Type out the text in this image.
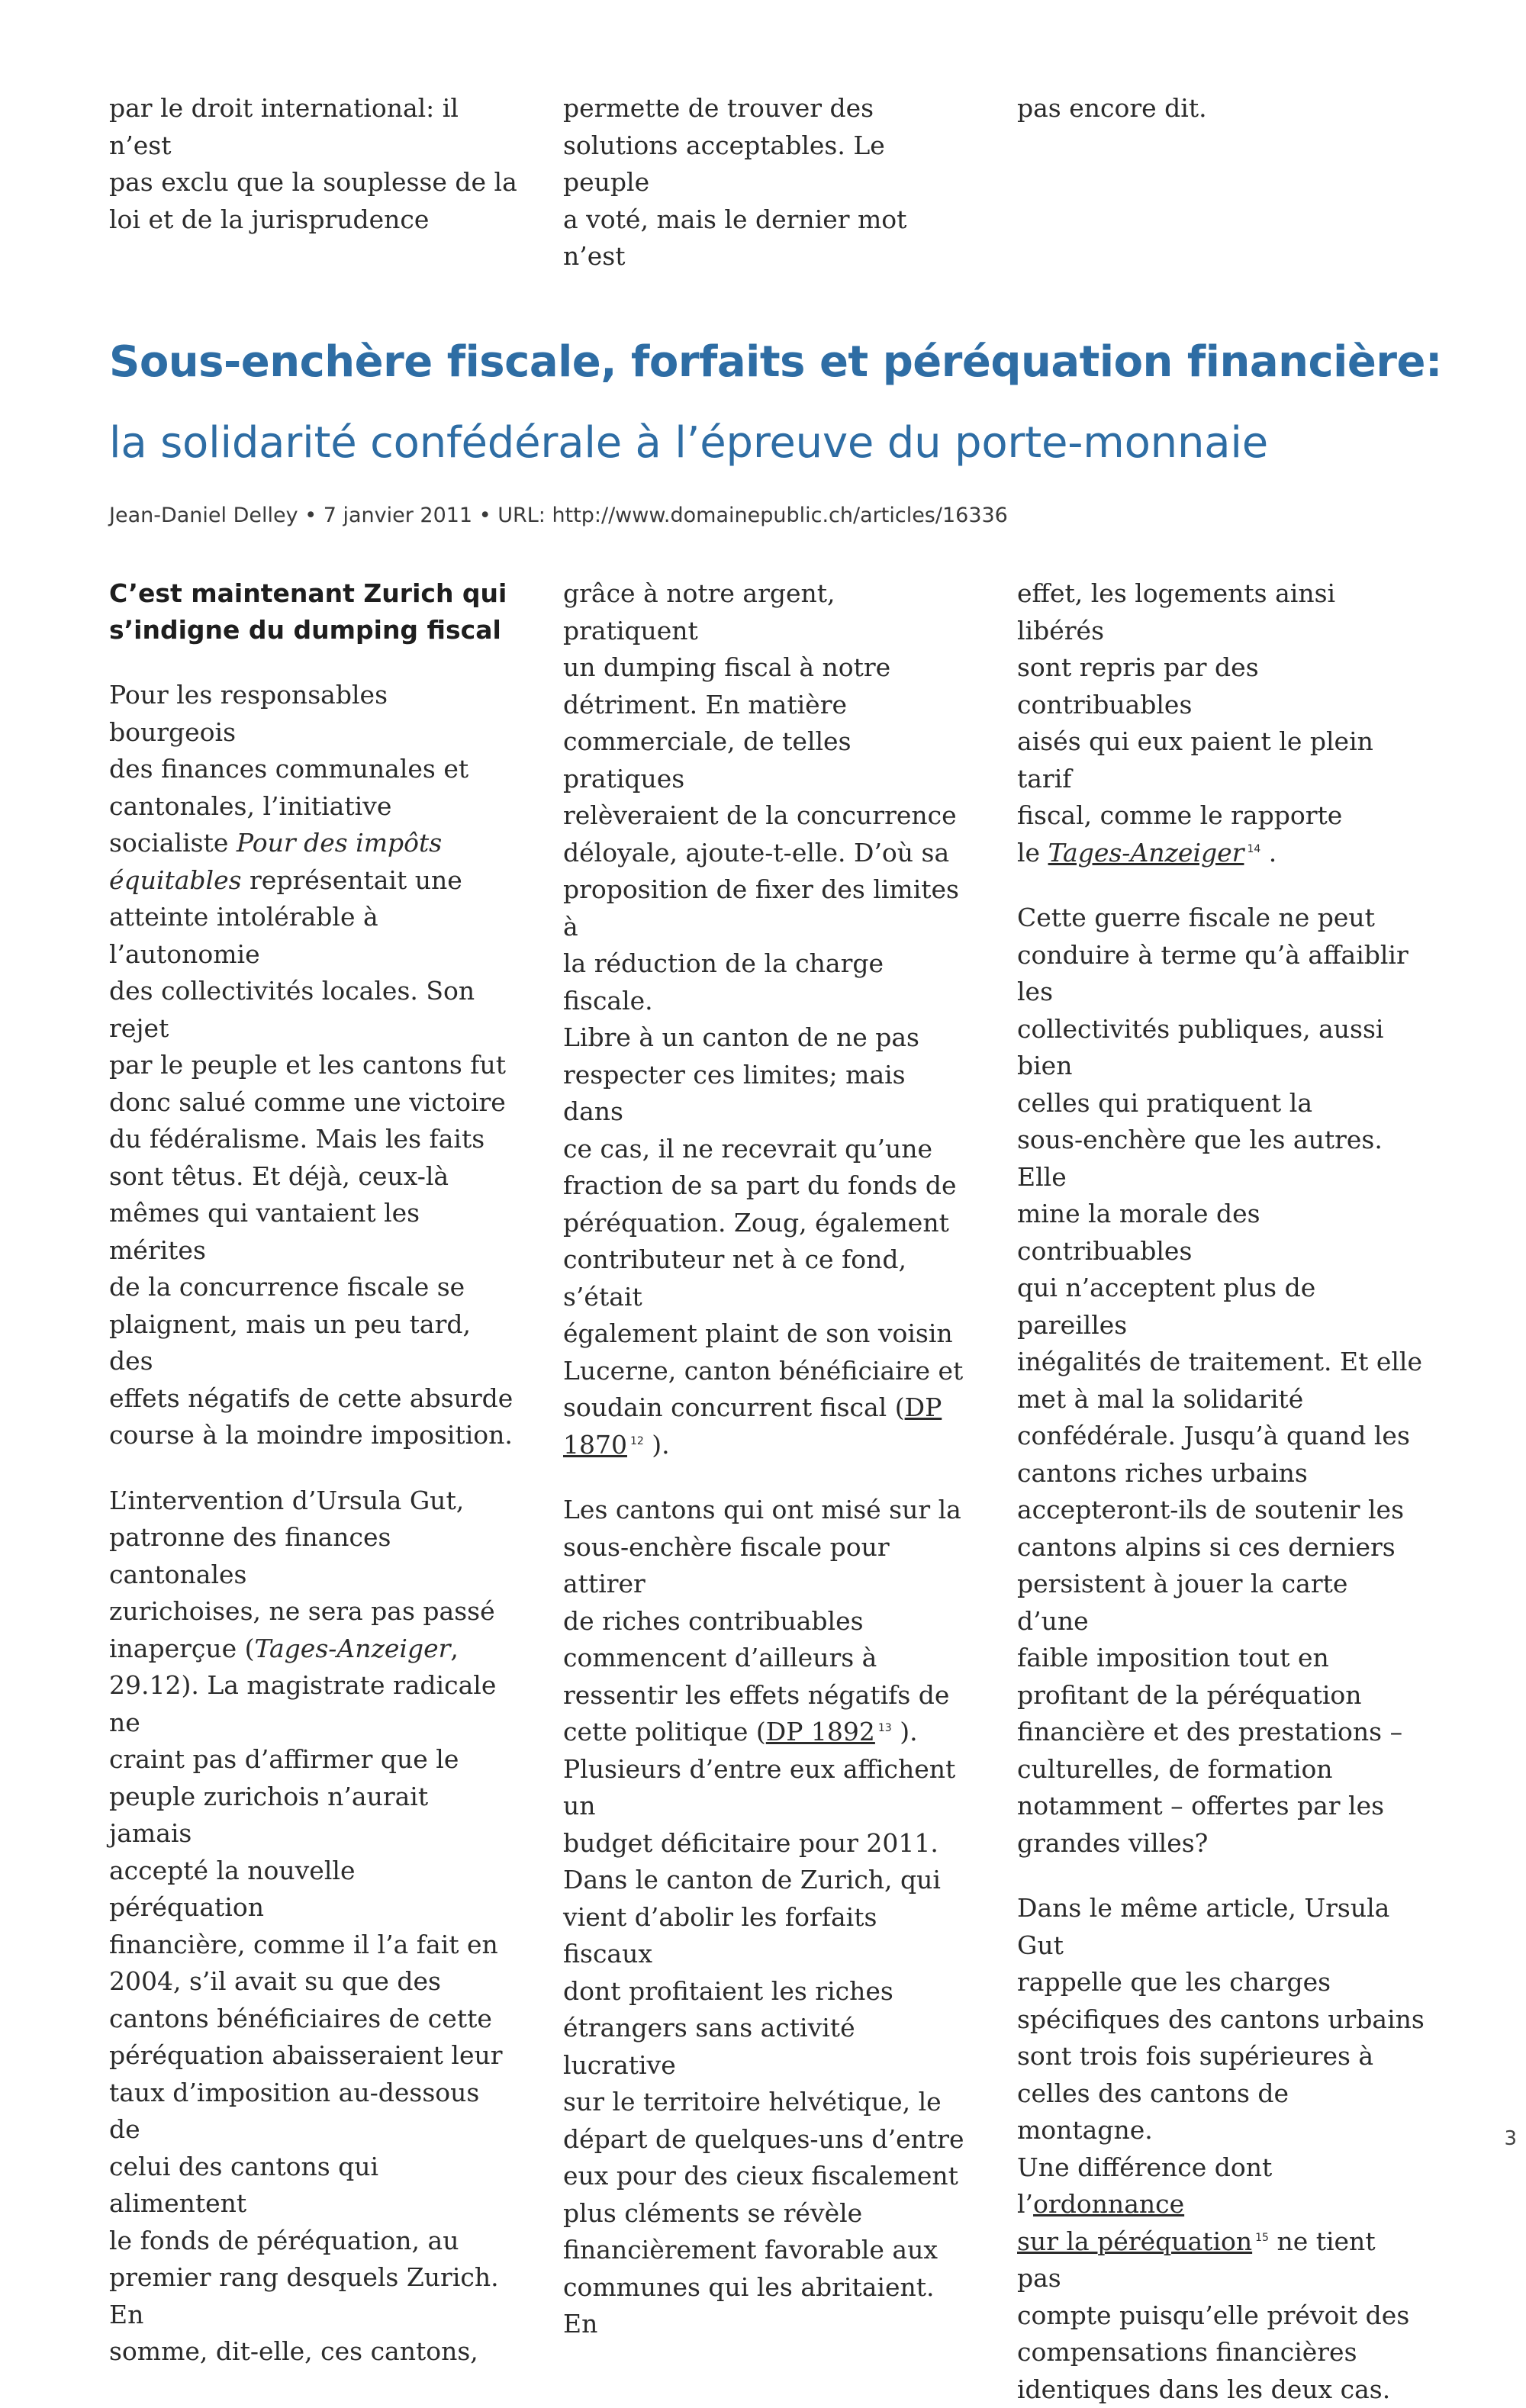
par le droit international: il n’est
pas exclu que la souplesse de la
loi et de la jurisprudence

permette de trouver des
solutions acceptables. Le peuple
a voté, mais le dernier mot n’est

pas encore dit.

Sous-enchère fiscale, forfaits et péréquation financière:
la solidarité confédérale à l’épreuve du porte-monnaie
Jean-Daniel Delley • 7 janvier 2011 • URL: http://www.domainepublic.ch/articles/16336

C’est maintenant Zurich qui
s’indigne du dumping fiscal

Pour les responsables bourgeois
des finances communales et
cantonales, l’initiative
socialiste Pour des impôts
équitables représentait une
atteinte intolérable à l’autonomie
des collectivités locales. Son rejet
par le peuple et les cantons fut
donc salué comme une victoire
du fédéralisme. Mais les faits
sont têtus. Et déjà, ceux-là
mêmes qui vantaient les mérites
de la concurrence fiscale se
plaignent, mais un peu tard, des
effets négatifs de cette absurde
course à la moindre imposition.

L’intervention d’Ursula Gut,
patronne des finances cantonales
zurichoises, ne sera pas passé
inaperçue (Tages-Anzeiger,
29.12). La magistrate radicale ne
craint pas d’affirmer que le
peuple zurichois n’aurait jamais
accepté la nouvelle péréquation
financière, comme il l’a fait en
2004, s’il avait su que des
cantons bénéficiaires de cette
péréquation abaisseraient leur
taux d’imposition au-dessous de
celui des cantons qui alimentent
le fonds de péréquation, au
premier rang desquels Zurich. En
somme, dit-elle, ces cantons,

grâce à notre argent, pratiquent
un dumping fiscal à notre
détriment. En matière
commerciale, de telles pratiques
relèveraient de la concurrence
déloyale, ajoute-t-elle. D’où sa
proposition de fixer des limites à
la réduction de la charge fiscale.
Libre à un canton de ne pas
respecter ces limites; mais dans
ce cas, il ne recevrait qu’une
fraction de sa part du fonds de
péréquation. Zoug, également
contributeur net à ce fond, s’était
également plaint de son voisin
Lucerne, canton bénéficiaire et
soudain concurrent fiscal (DP
1870 $^{12}$ ).

Les cantons qui ont misé sur la
sous-enchère fiscale pour attirer
de riches contribuables
commencent d’ailleurs à
ressentir les effets négatifs de
cette politique (DP 1892 $^{13}$ ).
Plusieurs d’entre eux affichent un
budget déficitaire pour 2011.
Dans le canton de Zurich, qui
vient d’abolir les forfaits fiscaux
dont profitaient les riches
étrangers sans activité lucrative
sur le territoire helvétique, le
départ de quelques-uns d’entre
eux pour des cieux fiscalement
plus cléments se révèle
financièrement favorable aux
communes qui les abritaient. En

effet, les logements ainsi libérés
sont repris par des contribuables
aisés qui eux paient le plein tarif
fiscal, comme le rapporte
le Tages-Anzeiger $^{14}$ .

Cette guerre fiscale ne peut
conduire à terme qu’à affaiblir les
collectivités publiques, aussi bien
celles qui pratiquent la
sous-enchère que les autres. Elle
mine la morale des contribuables
qui n’acceptent plus de pareilles
inégalités de traitement. Et elle
met à mal la solidarité
confédérale. Jusqu’à quand les
cantons riches urbains
accepteront-ils de soutenir les
cantons alpins si ces derniers
persistent à jouer la carte d’une
faible imposition tout en
profitant de la péréquation
financière et des prestations –
culturelles, de formation
notamment – offertes par les
grandes villes?

Dans le même article, Ursula Gut
rappelle que les charges
spécifiques des cantons urbains
sont trois fois supérieures à
celles des cantons de montagne.
Une différence dont l’ordonnance
sur la péréquation $^{15}$ ne tient pas
compte puisqu’elle prévoit des
compensations financières
identiques dans les deux cas.

3
